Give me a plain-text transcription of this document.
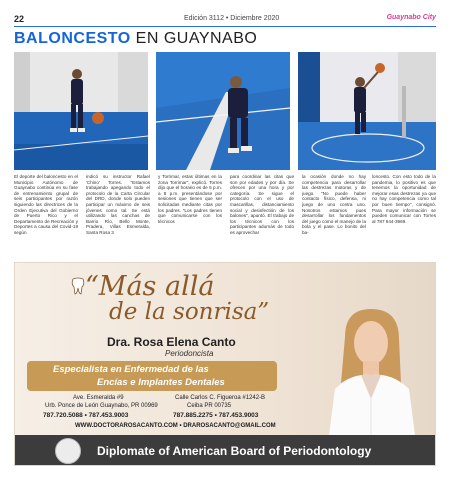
22	Edición 3112 • Diciembre 2020	Guaynabo City
BALONCESTO EN GUAYNABO
El deporte del baloncesto en el Municipio Autónomo de Guaynabo continúa en su fase de entrenamiento grupal de seis participantes por razón siguiendo las directrices de la Orden Ejecutiva del Gobierno de Puerto Rico y el Departamento de Recreación y Deportes a causa del Covid-19 según
indicó su instructor Rafael 'Chino' Torres. "Estamos trabajando apegando todo el protocolo de la Carta Circular del DRD, donde solo pueden participar un máximo de seis jóvenes como tal. Se está utilizando las canchas de Barrio Río, Bello Monte, Pradera, Villas Esmeralda, Santa Rosa 3
y Torrimar, estas últimas en la zona Torrimar", explicó. Torres dijo que el horario es de 5 p.m. a 8 p.m. presentándose por sesiones que tienen que ser solicitadas mediante citas por los padres. "Los padres tienen que comunicarse con los técnicos
para coordinar las citas que son por edades y por día. Se ofrecen por una hora y por categoría. Se sigue el protocolo con el uso de mascarillas, distanciamiento social y desinfectión de los balones", apuntó. El trabajo de los técnicos con los participantes adurnás de todo es aprovechar
la ocasión donde no hay competencia para desarrollar las destrezas motoras y de juego. "No puede haber contacto físico, defensa, ni juego de uno contra uno. Nosotros estamos pues desarrollar los fundamentos del juego como el manejo de la bola y el pase. Lo bonito del ba-
loncesto. Con esto todo de la pandemia, lo positivo es que tenemos la oportunidad de mejorar esas destrezas ya que no hay competencia como tal por buen tiempo", consignó. Para mayor información se pueden comunicar con Torres al 787 644-3969.
“Más allá
de la sonrisa”
Dra. Rosa Elena Canto
Periodoncista
Especialista en Enfermedad de las
Encías e Implantes Dentales
Ave. Esmeralda #9
Urb. Ponce de León Guaynabo, PR 00969
787.720.5088 • 787.453.9003
Calle Carlos C. Figueroa #1242-B
Ceiba PR 00735
787.885.2275 • 787.453.9003
WWW.DOCTORAROSACANTO.COM • DRAROSACANTO@GMAIL.COM
Diplomate of American Board of Periodontology
